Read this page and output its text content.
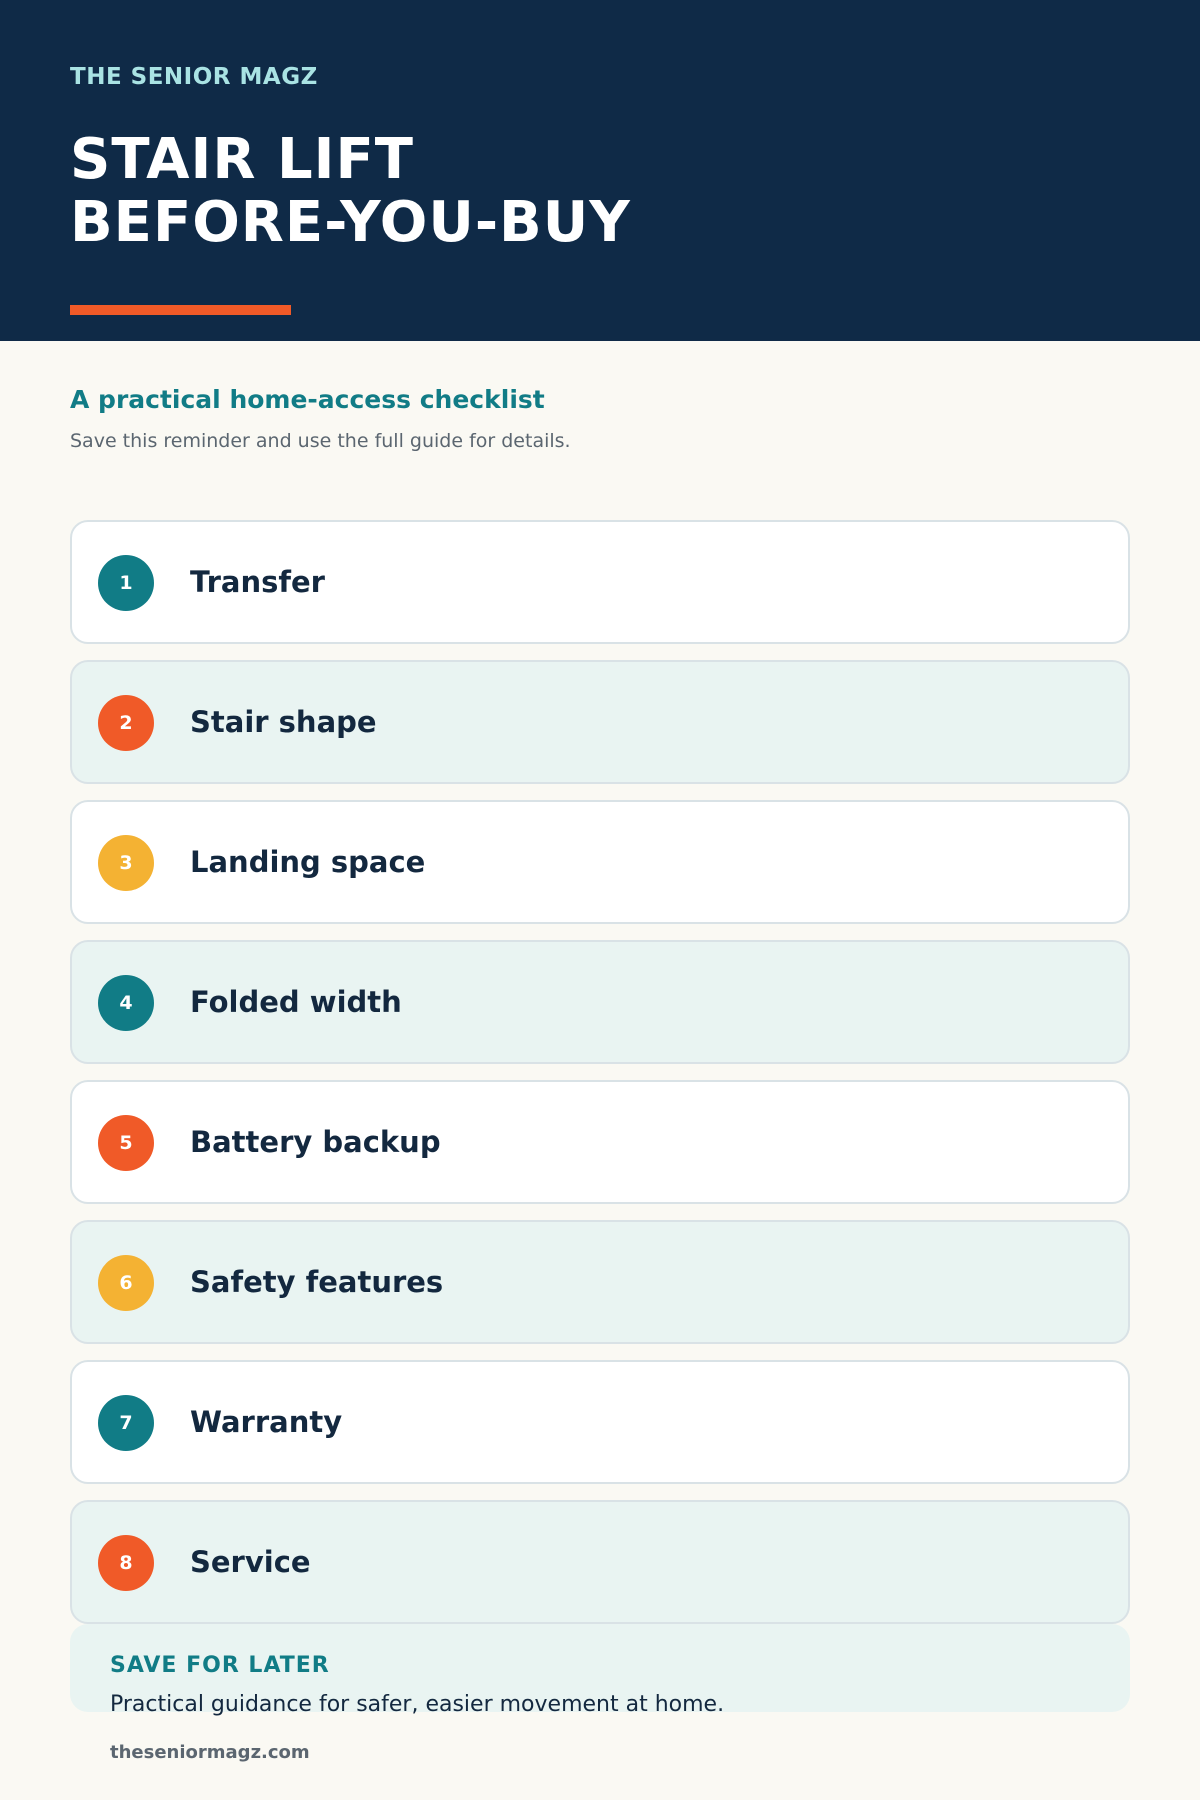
THE SENIOR MAGZ
STAIR LIFT
BEFORE-YOU-BUY
A practical home-access checklist

Save this reminder and use the full guide for details.

1	Transfer
2	Stair shape
3	Landing space
4	Folded width
5	Battery backup
6	Safety features
7	Warranty
8	Service
SAVE FOR LATER
Practical guidance for safer, easier movement at home.
theseniormagz.com
